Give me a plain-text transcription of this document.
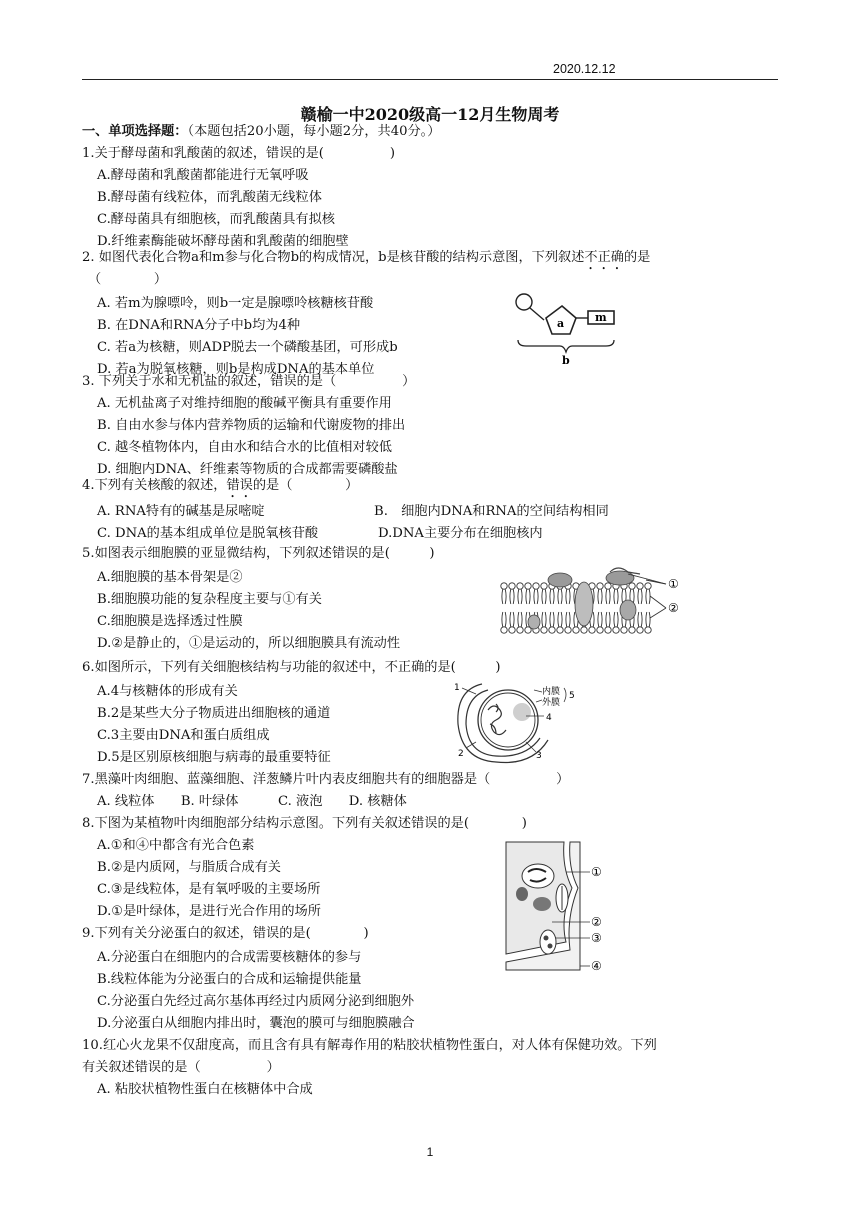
2020.12.12
赣榆一中2020级高一12月生物周考
一、单项选择题：（本题包括20小题，每小题2分，共40分。）
1.关于酵母菌和乳酸菌的叙述，错误的是(　　　　　)
A.酵母菌和乳酸菌都能进行无氧呼吸
B.酵母菌有线粒体，而乳酸菌无线粒体
C.酵母菌具有细胞核，而乳酸菌具有拟核
D.纤维素酶能破坏酵母菌和乳酸菌的细胞壁
2. 如图代表化合物a和m参与化合物b的构成情况，b是核苷酸的结构示意图，下列叙述不正确的是
（　　　　）
A. 若m为腺嘌呤，则b一定是腺嘌呤核糖核苷酸
B. 在DNA和RNA分子中b均为4种
C. 若a为核糖，则ADP脱去一个磷酸基团，可形成b
D. 若a为脱氧核糖，则b是构成DNA的基本单位
a	m
b
3. 下列关于水和无机盐的叙述，错误的是（　　　　　）
A. 无机盐离子对维持细胞的酸碱平衡具有重要作用
B. 自由水参与体内营养物质的运输和代谢废物的排出
C. 越冬植物体内，自由水和结合水的比值相对较低
D. 细胞内DNA、纤维素等物质的合成都需要磷酸盐
4.下列有关核酸的叙述，错误的是（　　　　）
A. RNA特有的碱基是尿嘧啶	B.　细胞内DNA和RNA的空间结构相同
C. DNA的基本组成单位是脱氧核苷酸	D.DNA主要分布在细胞核内
5.如图表示细胞膜的亚显微结构，下列叙述错误的是(　　　)
A.细胞膜的基本骨架是②
B.细胞膜功能的复杂程度主要与①有关
C.细胞膜是选择透过性膜
D.②是静止的，①是运动的，所以细胞膜具有流动性
①
②
6.如图所示，下列有关细胞核结构与功能的叙述中，不正确的是(　　　)
A.4与核糖体的形成有关
B.2是某些大分子物质进出细胞核的通道
C.3主要由DNA和蛋白质组成
D.5是区别原核细胞与病毒的最重要特征
1
2	3
4
内膜
外膜
5
7.黑藻叶肉细胞、蓝藻细胞、洋葱鳞片叶内表皮细胞共有的细胞器是（　　　　　）
A. 线粒体　　B. 叶绿体　　　C. 液泡　　D. 核糖体
8.下图为某植物叶肉细胞部分结构示意图。下列有关叙述错误的是(　　　　)
A.①和④中都含有光合色素
B.②是内质网，与脂质合成有关
C.③是线粒体，是有氧呼吸的主要场所
D.①是叶绿体，是进行光合作用的场所
①
②
③
④
9.下列有关分泌蛋白的叙述，错误的是(　　　　)
A.分泌蛋白在细胞内的合成需要核糖体的参与
B.线粒体能为分泌蛋白的合成和运输提供能量
C.分泌蛋白先经过高尔基体再经过内质网分泌到细胞外
D.分泌蛋白从细胞内排出时，囊泡的膜可与细胞膜融合
10.红心火龙果不仅甜度高，而且含有具有解毒作用的粘胶状植物性蛋白，对人体有保健功效。下列
有关叙述错误的是（　　　　　）
A. 粘胶状植物性蛋白在核糖体中合成
1
